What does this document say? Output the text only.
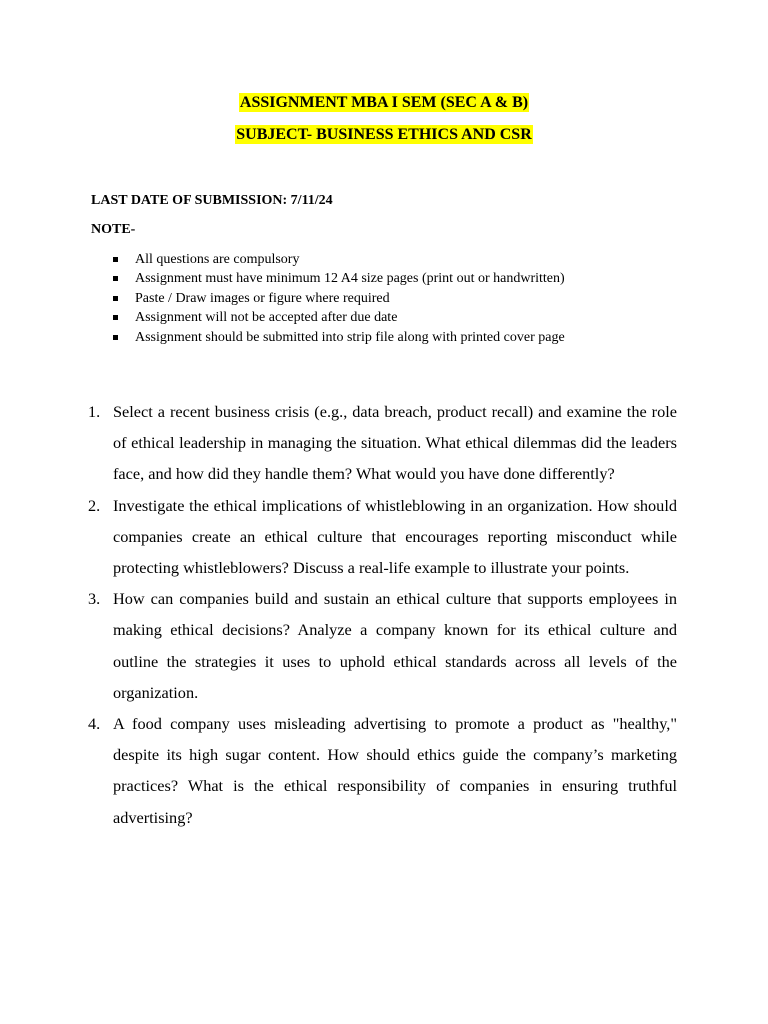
ASSIGNMENT MBA I SEM (SEC A & B)
SUBJECT- BUSINESS ETHICS AND CSR
LAST DATE OF SUBMISSION: 7/11/24
NOTE-
All questions are compulsory
Assignment must have minimum 12 A4 size pages (print out or handwritten)
Paste / Draw images or figure where required
Assignment will not be accepted after due date
Assignment should be submitted into strip file along with printed cover page
1. Select a recent business crisis (e.g., data breach, product recall) and examine the role of ethical leadership in managing the situation. What ethical dilemmas did the leaders face, and how did they handle them? What would you have done differently?
2. Investigate the ethical implications of whistleblowing in an organization. How should companies create an ethical culture that encourages reporting misconduct while protecting whistleblowers? Discuss a real-life example to illustrate your points.
3. How can companies build and sustain an ethical culture that supports employees in making ethical decisions? Analyze a company known for its ethical culture and outline the strategies it uses to uphold ethical standards across all levels of the organization.
4. A food company uses misleading advertising to promote a product as "healthy," despite its high sugar content. How should ethics guide the company’s marketing practices? What is the ethical responsibility of companies in ensuring truthful advertising?
